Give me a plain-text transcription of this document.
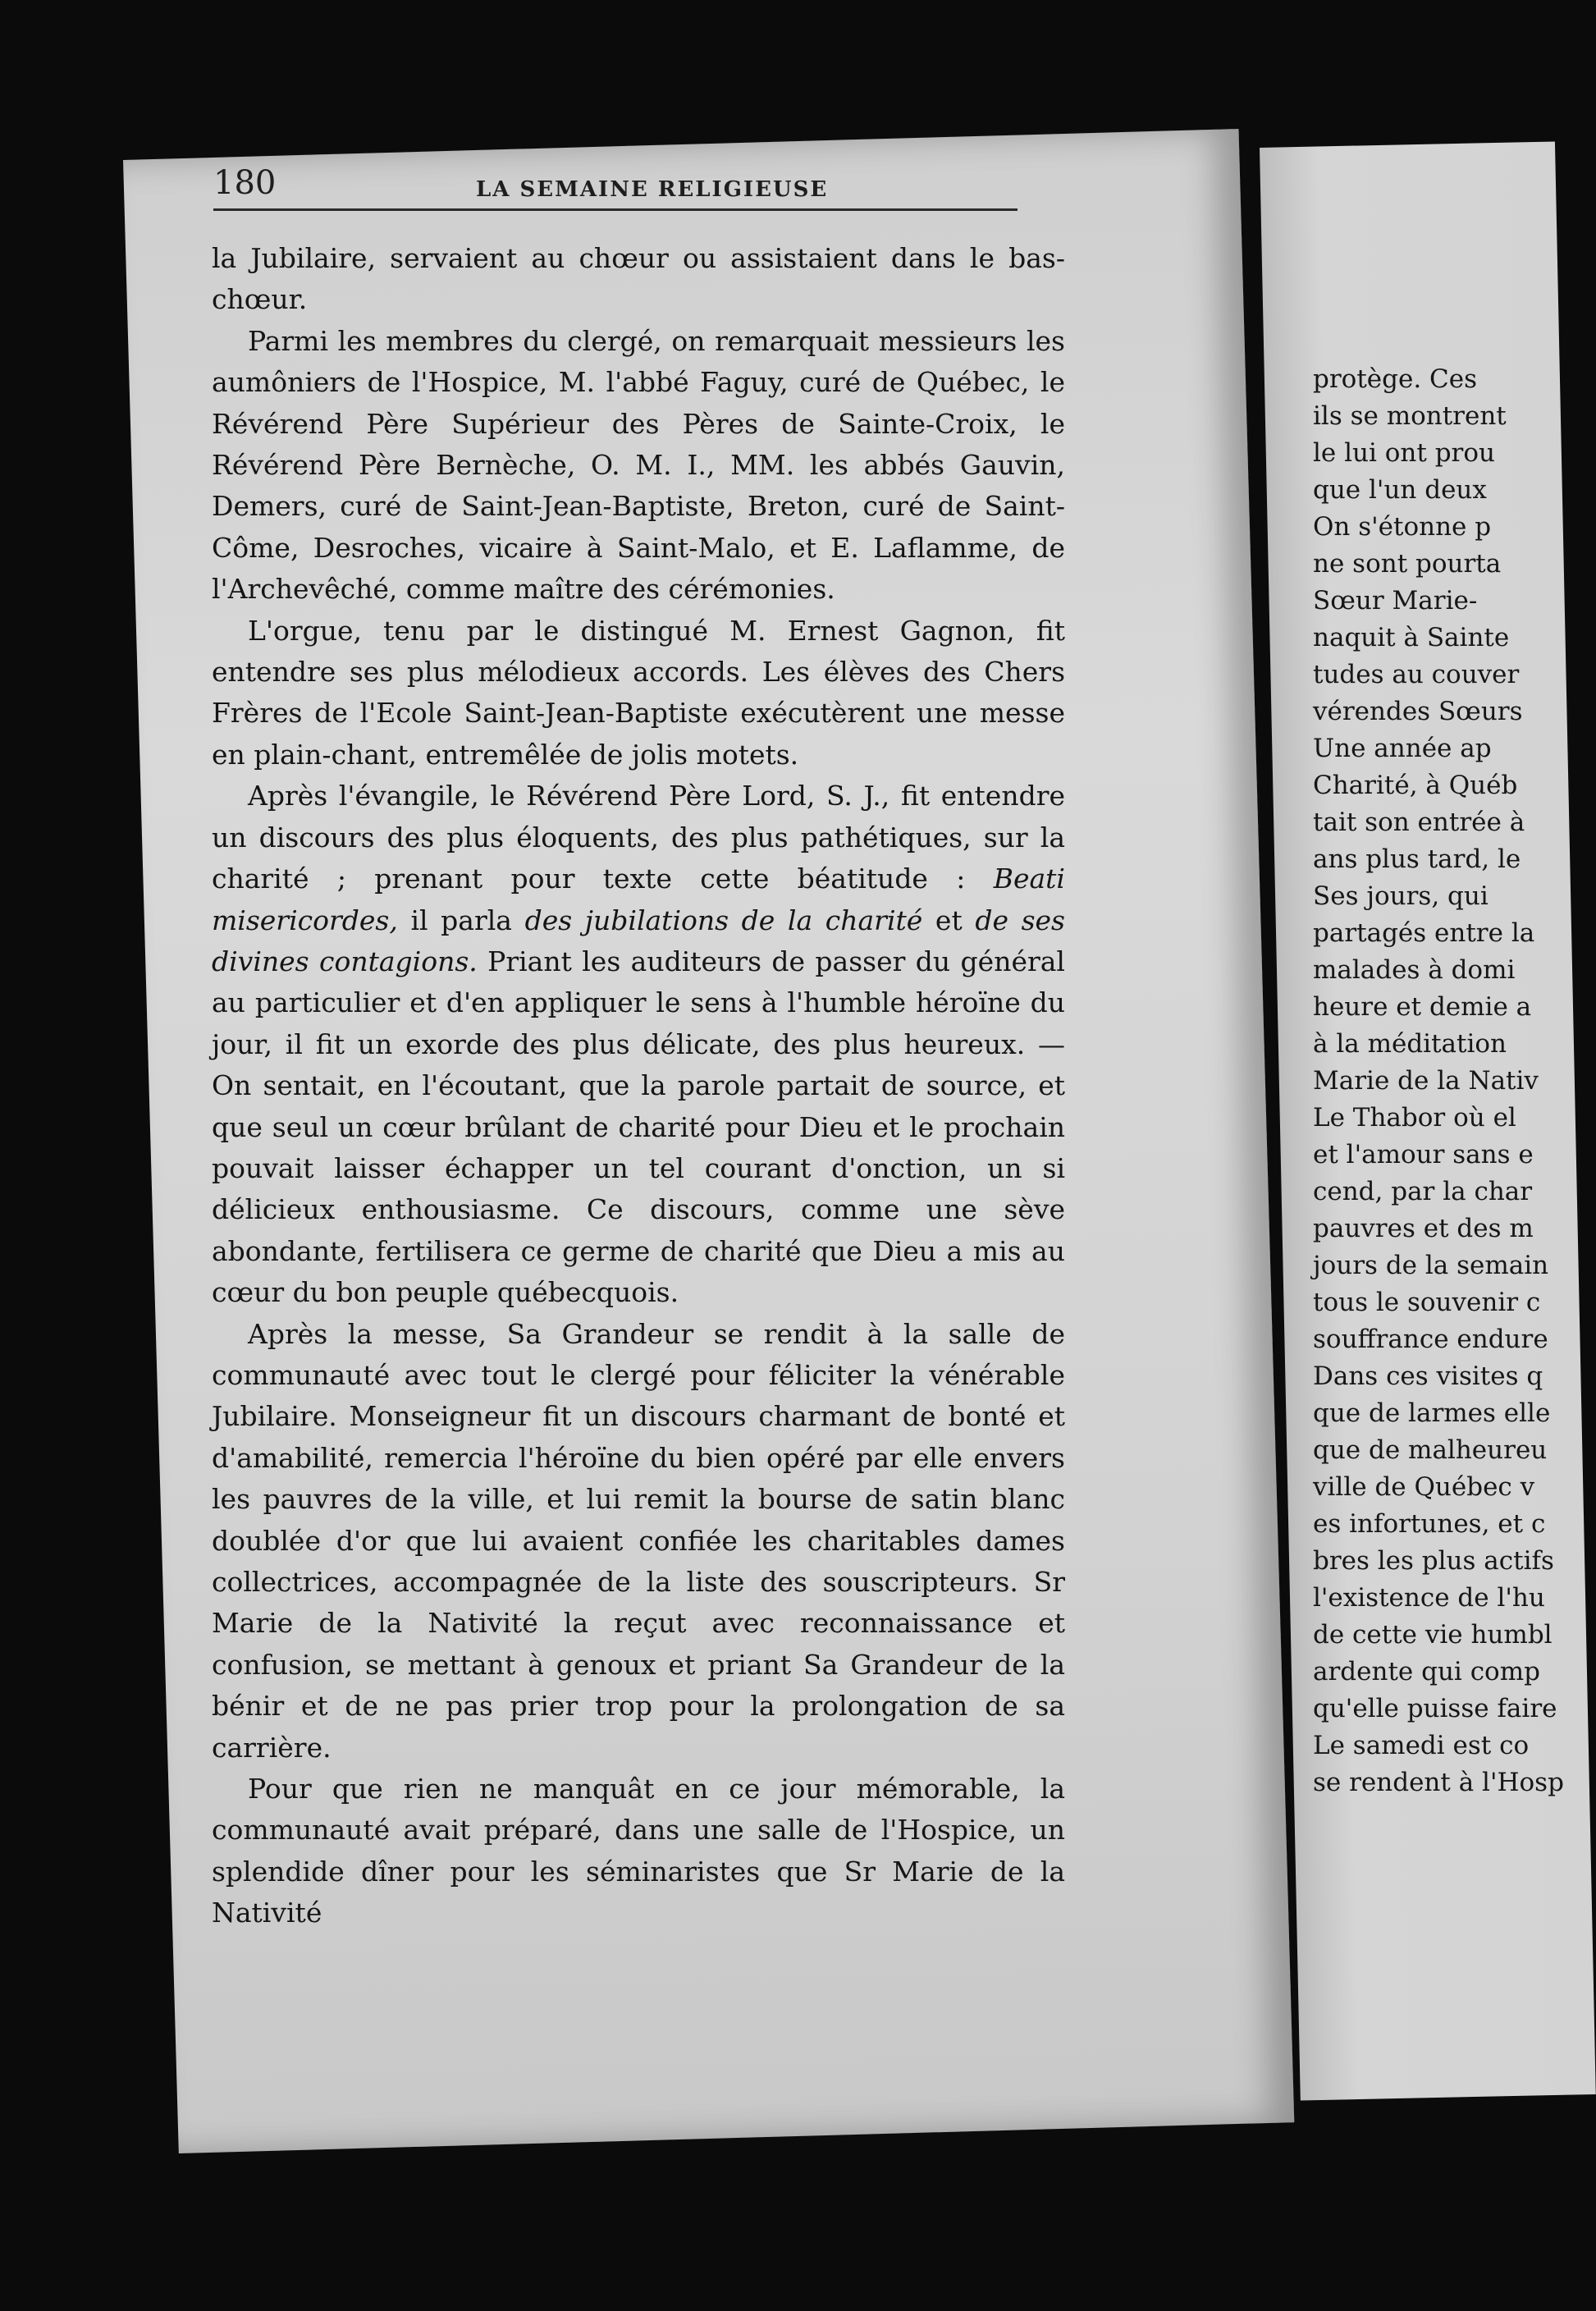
180	LA SEMAINE RELIGIEUSE

la Jubilaire, servaient au chœur ou assistaient dans le bas-chœur.

Parmi les membres du clergé, on remarquait messieurs les aumôniers de l'Hospice, M. l'abbé Faguy, curé de Québec, le Révérend Père Supérieur des Pères de Sainte-Croix, le Révérend Père Bernèche, O. M. I., MM. les abbés Gauvin, Demers, curé de Saint-Jean-Baptiste, Breton, curé de Saint-Côme, Desroches, vicaire à Saint-Malo, et E. Laflamme, de l'Archevêché, comme maître des cérémonies.

L'orgue, tenu par le distingué M. Ernest Gagnon, fit entendre ses plus mélodieux accords. Les élèves des Chers Frères de l'Ecole Saint-Jean-Baptiste exécutèrent une messe en plain-chant, entremêlée de jolis motets.

Après l'évangile, le Révérend Père Lord, S. J., fit entendre un discours des plus éloquents, des plus pathétiques, sur la charité ; prenant pour texte cette béatitude : Beati misericordes, il parla des jubilations de la charité et de ses divines contagions. Priant les auditeurs de passer du général au particulier et d'en appliquer le sens à l'humble héroïne du jour, il fit un exorde des plus délicate, des plus heureux. — On sentait, en l'écoutant, que la parole partait de source, et que seul un cœur brûlant de charité pour Dieu et le prochain pouvait laisser échapper un tel courant d'onction, un si délicieux enthousiasme. Ce discours, comme une sève abondante, fertilisera ce germe de charité que Dieu a mis au cœur du bon peuple québecquois.

Après la messe, Sa Grandeur se rendit à la salle de communauté avec tout le clergé pour féliciter la vénérable Jubilaire. Monseigneur fit un discours charmant de bonté et d'amabilité, remercia l'héroïne du bien opéré par elle envers les pauvres de la ville, et lui remit la bourse de satin blanc doublée d'or que lui avaient confiée les charitables dames collectrices, accompagnée de la liste des souscripteurs. Sr Marie de la Nativité la reçut avec reconnaissance et confusion, se mettant à genoux et priant Sa Grandeur de la bénir et de ne pas prier trop pour la prolongation de sa carrière.

Pour que rien ne manquât en ce jour mémorable, la communauté avait préparé, dans une salle de l'Hospice, un splendide dîner pour les séminaristes que Sr Marie de la Nativité

protège. Ces
ils se montrent
le lui ont prou
que l'un deux
On s'étonne p
ne sont pourta
Sœur Marie-
naquit à Sainte
tudes au couver
vérendes Sœurs
Une année ap
Charité, à Québ
tait son entrée à
ans plus tard, le
Ses jours, qui
partagés entre la
malades à domi
heure et demie a
à la méditation
Marie de la Nativ
Le Thabor où el
et l'amour sans e
cend, par la char
pauvres et des m
jours de la semain
tous le souvenir c
souffrance endure
Dans ces visites q
que de larmes elle
que de malheureu
ville de Québec v
es infortunes, et c
bres les plus actifs
l'existence de l'hu
de cette vie humbl
ardente qui comp
qu'elle puisse faire
Le samedi est co
se rendent à l'Hosp
